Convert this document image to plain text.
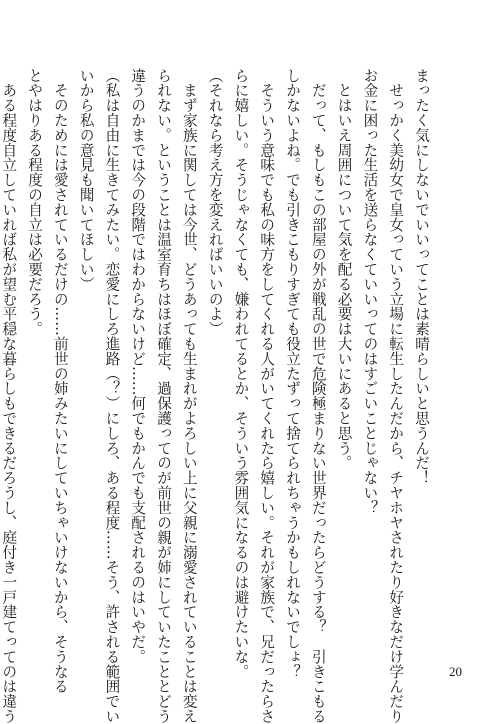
まったく気にしないでいいってことは素晴らしいと思うんだ！
　せっかく美幼女で皇女っていう立場に転生したんだから、チヤホヤされたり好きなだけ学んだり
お金に困った生活を送らなくていいってのはすごいことじゃない？
　とはいえ周囲について気を配る必要は大いにあると思う。
　だって、もしもこの部屋の外が戦乱の世で危険極まりない世界だったらどうする？　引きこもる
しかないよね。でも引きこもりすぎても役立たずって捨てられちゃうかもしれないでしょ？
　そういう意味でも私の味方をしてくれる人がいてくれたら嬉しい。それが家族で、兄だったらさ
らに嬉しい。そうじゃなくても、嫌われてるとか、そういう雰囲気になるのは避けたいな。
（それなら考え方を変えればいいのよ）
　まず家族に関しては今世、どうあっても生まれがよろしい上に父親に溺愛されていることは変え
られない。ということは温室育ちはほぼ確定、過保護ってのが前世の親が姉にしていたこととどう
違うのかまでは今の段階ではわからないけど……何でもかんでも支配されるのはいやだ。
（私は自由に生きてみたい。恋愛にしろ進路（？）にしろ、ある程度……そう、許される範囲でい
いから私の意見も聞いてほしい）
　そのためには愛されているだけの……前世の姉みたいにしていちゃいけないから、そうなる
とやはりある程度の自立は必要だろう。
　ある程度自立していれば私が望む平穏な暮らしもできるだろうし、庭付き一戸建てってのは違う	20
